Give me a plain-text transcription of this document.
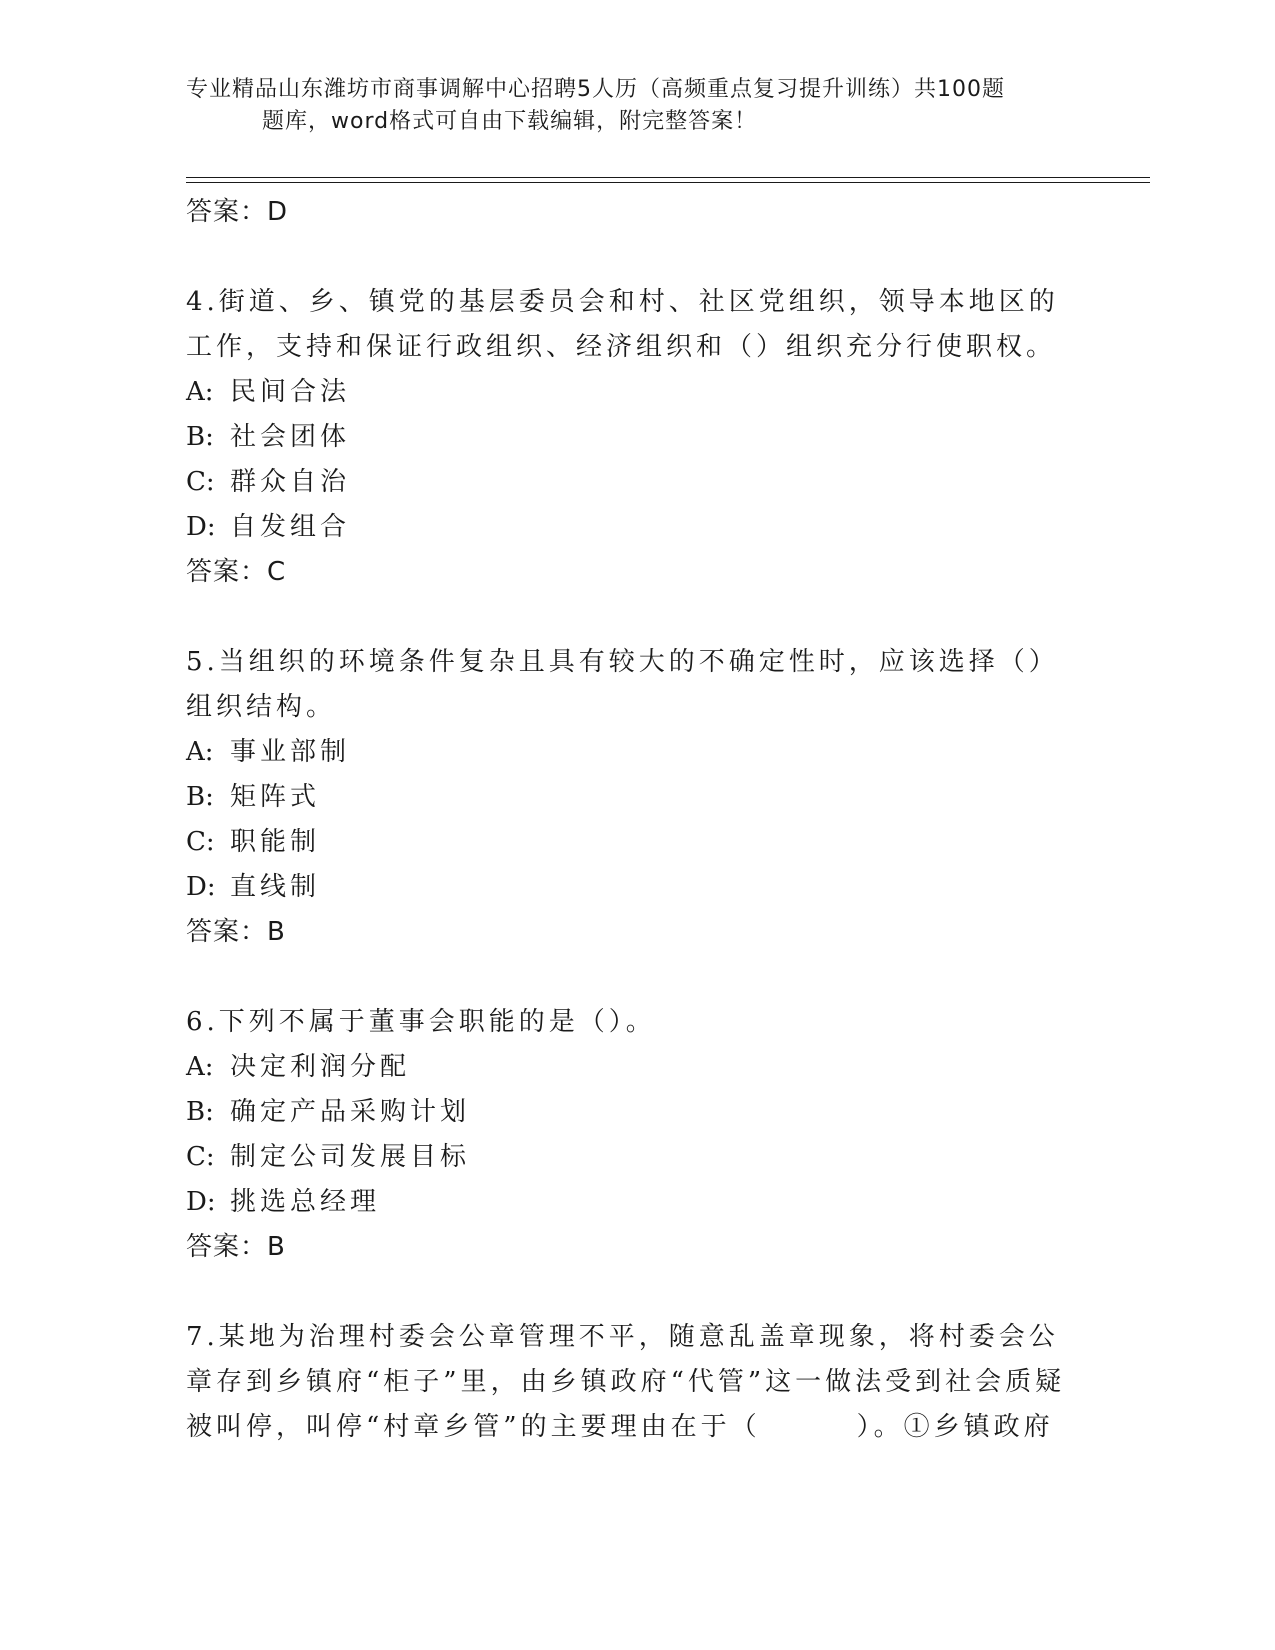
专业精品山东潍坊市商事调解中心招聘5人历（高频重点复习提升训练）共100题
题库，word格式可自由下载编辑，附完整答案！
答案：D
4.街道、乡、镇党的基层委员会和村、社区党组织，领导本地区的工作，支持和保证行政组织、经济组织和（）组织充分行使职权。
A: 民间合法
B: 社会团体
C: 群众自治
D: 自发组合
答案：C
5.当组织的环境条件复杂且具有较大的不确定性时，应该选择（）组织结构。
A: 事业部制
B: 矩阵式
C: 职能制
D: 直线制
答案：B
6.下列不属于董事会职能的是（）。
A: 决定利润分配
B: 确定产品采购计划
C: 制定公司发展目标
D: 挑选总经理
答案：B
7.某地为治理村委会公章管理不平，随意乱盖章现象，将村委会公章存到乡镇府“柜子”里，由乡镇政府“代管”这一做法受到社会质疑被叫停，叫停“村章乡管”的主要理由在于（	）。①乡镇政府
